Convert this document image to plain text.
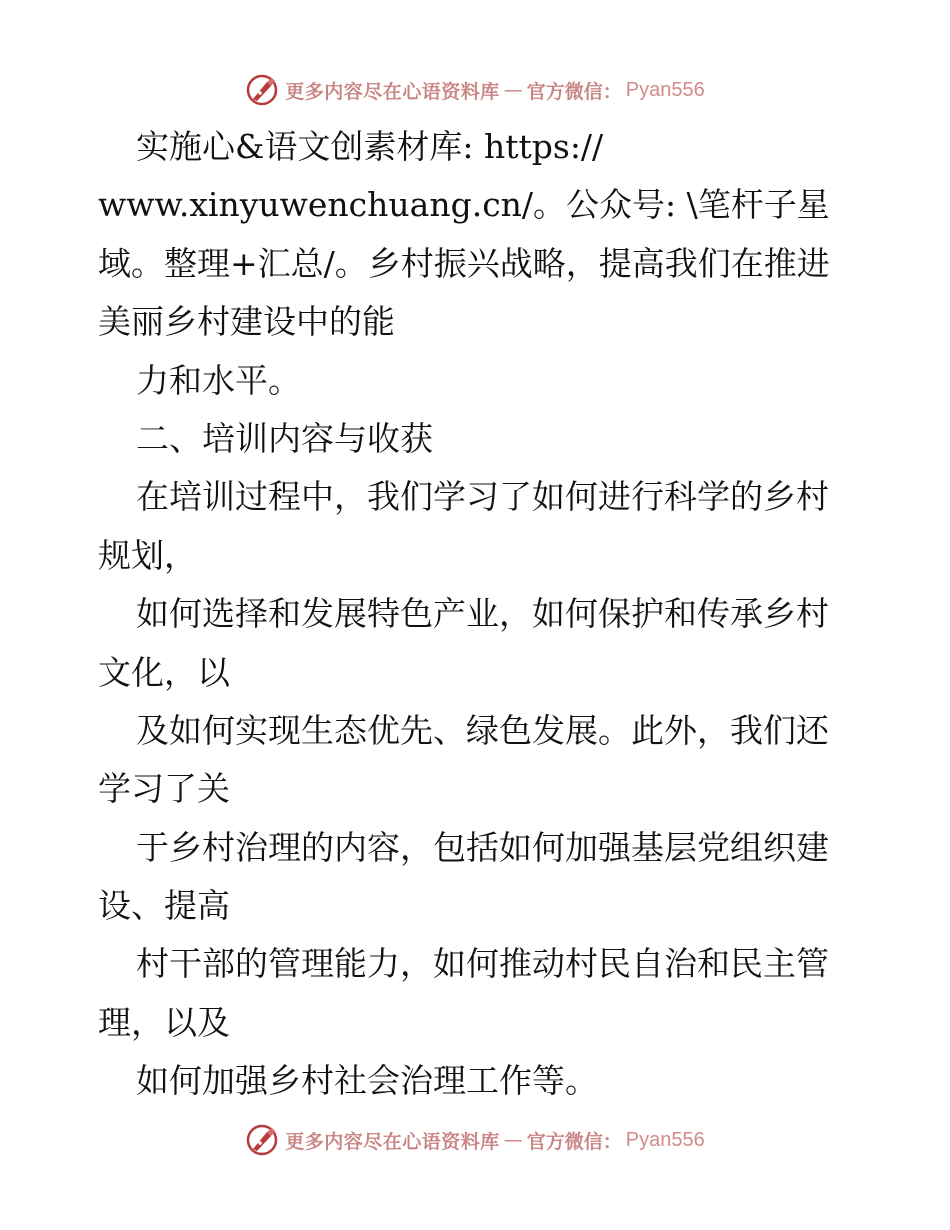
更多内容尽在心语资料库 — 官方微信： Pyan556
实施心&语文创素材库: https://
www.xinyuwenchuang.cn/。公众号: \笔杆子星
域。整理+汇总/。乡村振兴战略，提高我们在推进
美丽乡村建设中的能
力和水平。
二、培训内容与收获
在培训过程中，我们学习了如何进行科学的乡村
规划，
如何选择和发展特色产业，如何保护和传承乡村
文化，以
及如何实现生态优先、绿色发展。此外，我们还
学习了关
于乡村治理的内容，包括如何加强基层党组织建
设、提高
村干部的管理能力，如何推动村民自治和民主管
理，以及
如何加强乡村社会治理工作等。
更多内容尽在心语资料库 — 官方微信： Pyan556
